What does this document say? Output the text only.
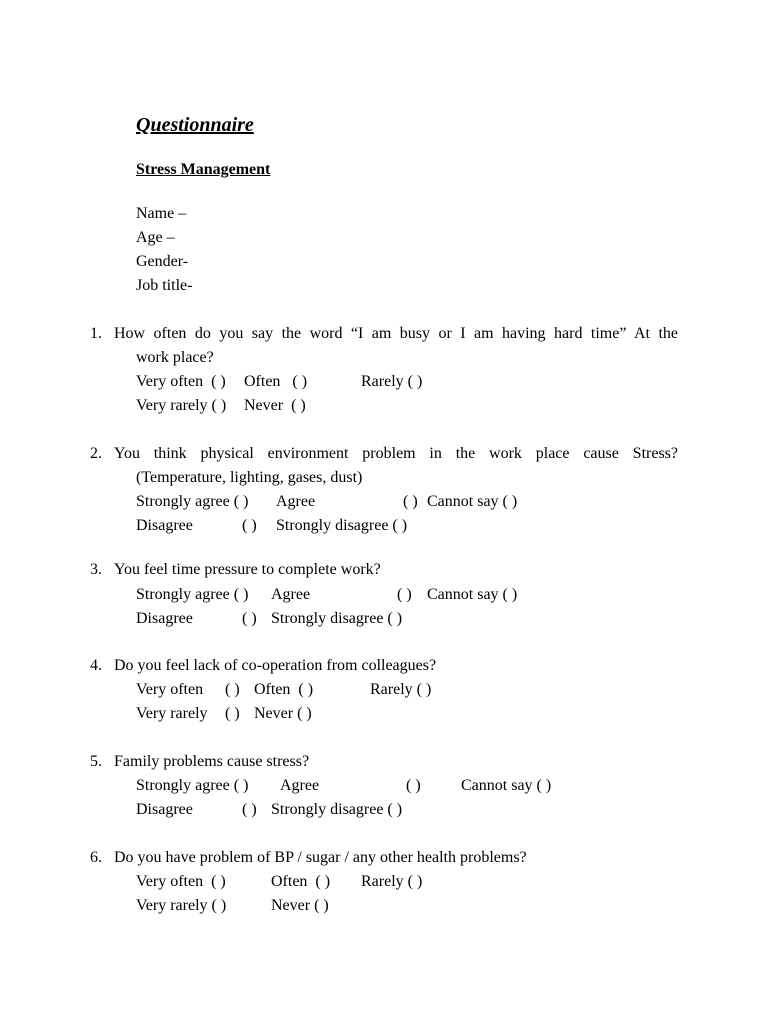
Questionnaire
Stress Management
Name –
Age –
Gender-
Job title-
1. How often do you say the word “I am busy or I am having hard time” At the
work place?
Very often  ( ) Often   ( )	Rarely ( )
Very rarely ( ) Never  ( )
2. You think physical environment problem in the work place cause Stress?
(Temperature, lighting, gases, dust)
Strongly agree ( ) Agree	( ) Cannot say ( )
Disagree	( ) Strongly disagree ( )
3. You feel time pressure to complete work?
Strongly agree ( ) Agree	( ) Cannot say ( )
Disagree	( ) Strongly disagree ( )
4. Do you feel lack of co-operation from colleagues?
Very often ( ) Often  ( )	Rarely ( )
Very rarely ( ) Never ( )
5. Family problems cause stress?
Strongly agree ( ) Agree	( )	Cannot say ( )
Disagree	( ) Strongly disagree ( )
6. Do you have problem of BP / sugar / any other health problems?
Very often  ( )	Often  ( ) Rarely ( )
Very rarely ( )	Never ( )
